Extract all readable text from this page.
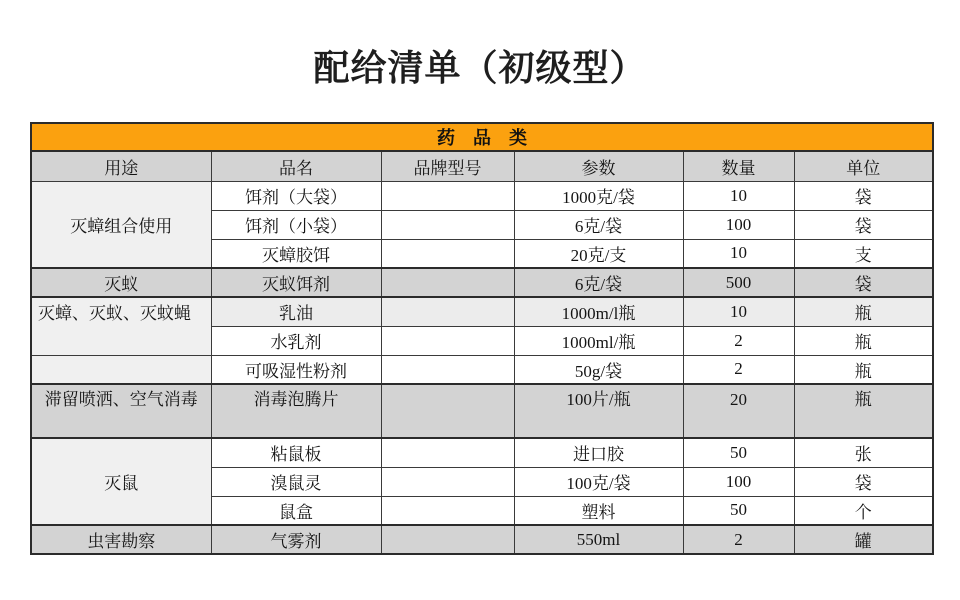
配给清单（初级型）
药　品　类					
用途	品名	品牌型号	参数	数量	单位
灭蟑组合使用	饵剂（大袋）		1000克/袋	10	袋
	饵剂（小袋）		6克/袋	100	袋
	灭蟑胶饵		20克/支	10	支
灭蚁	灭蚁饵剂		6克/袋	500	袋
灭蟑、灭蚁、灭蚊蝇	乳油		1000m/l瓶	10	瓶
	水乳剂		1000ml/瓶	2	瓶
	可吸湿性粉剂		50g/袋	2	瓶
滞留喷洒、空气消毒	消毒泡腾片		100片/瓶	20	瓶
灭鼠	粘鼠板		进口胶	50	张
	溴鼠灵		100克/袋	100	袋
	鼠盒		塑料	50	个
虫害勘察	气雾剂		550ml	2	罐
